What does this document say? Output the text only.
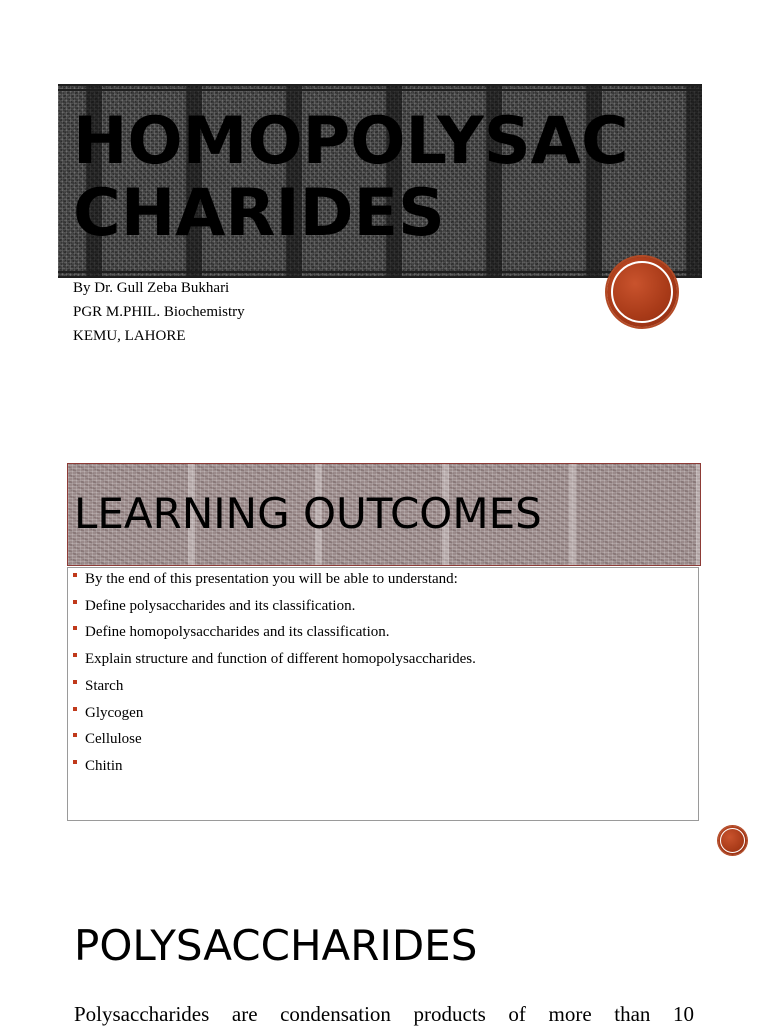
HOMOPOLYSAC
CHARIDES
By Dr. Gull Zeba Bukhari
PGR M.PHIL. Biochemistry
KEMU, LAHORE
LEARNING OUTCOMES
By the end of this presentation you will be able to understand:
Define polysaccharides and its classification.
Define homopolysaccharides and its classification.
Explain structure and function of different homopolysaccharides.
Starch
Glycogen
Cellulose
Chitin
POLYSACCHARIDES

Polysaccharides are condensation products of more than 10
